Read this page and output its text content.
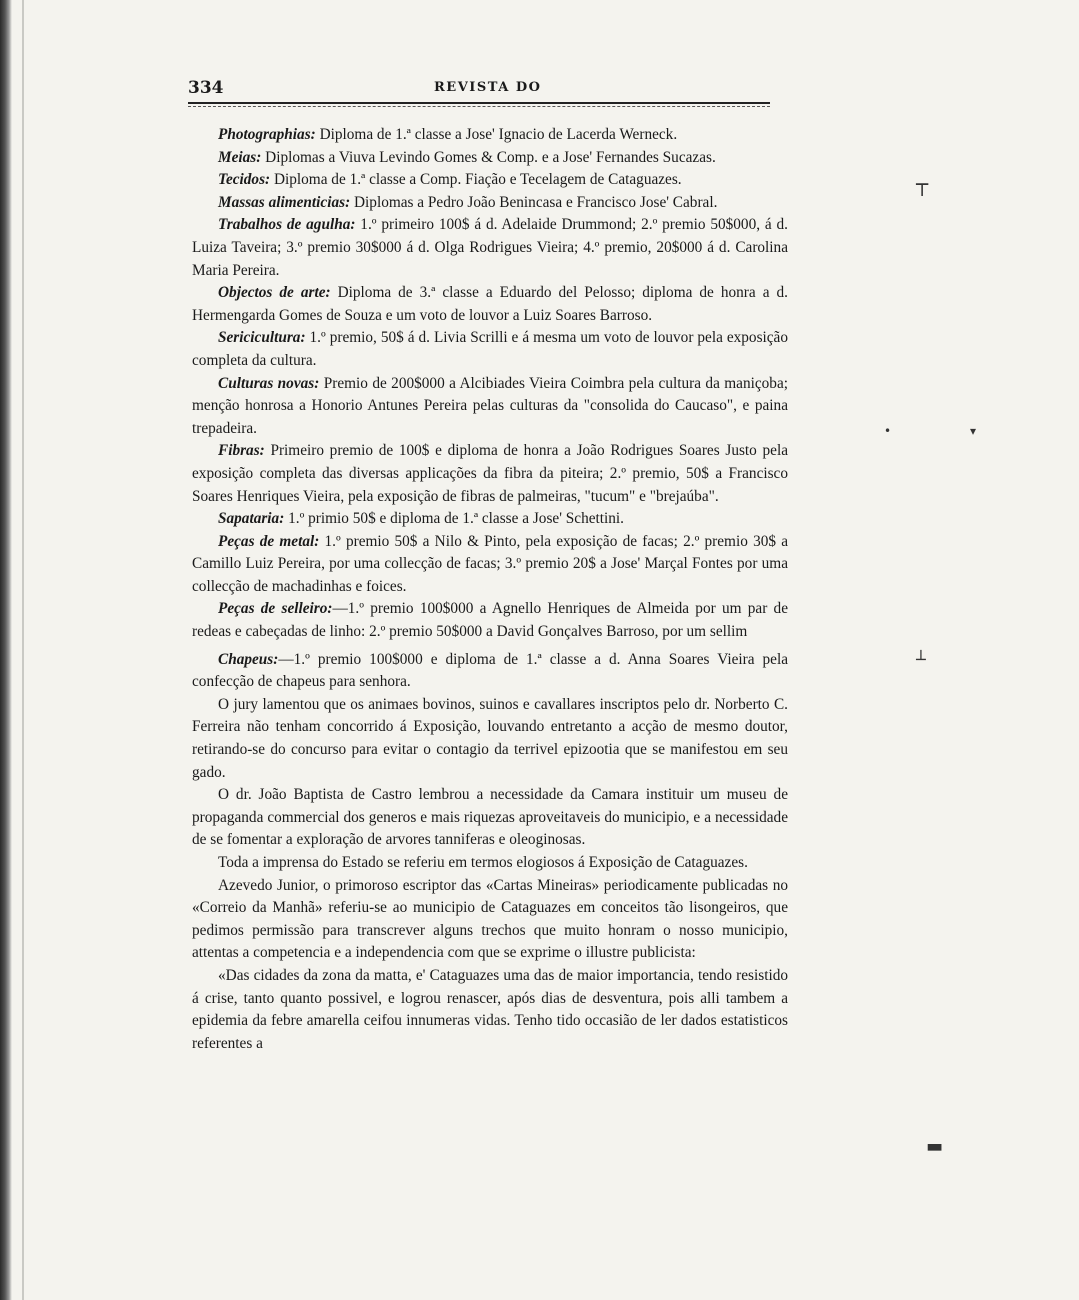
334	REVISTA DO

Photographias: Diploma de 1.ª classe a Jose' Ignacio de Lacerda Werneck.

Meias: Diplomas a Viuva Levindo Gomes & Comp. e a Jose' Fernandes Sucazas.

Tecidos: Diploma de 1.ª classe a Comp. Fiação e Tecelagem de Cataguazes.

Massas alimenticias: Diplomas a Pedro João Benincasa e Francisco Jose' Cabral.

Trabalhos de agulha: 1.º primeiro 100$ á d. Adelaide Drummond; 2.º premio 50$000, á d. Luiza Taveira; 3.º premio 30$000 á d. Olga Rodrigues Vieira; 4.º premio, 20$000 á d. Carolina Maria Pereira.

Objectos de arte: Diploma de 3.ª classe a Eduardo del Pelosso; diploma de honra a d. Hermengarda Gomes de Souza e um voto de louvor a Luiz Soares Barroso.

Sericicultura: 1.º premio, 50$ á d. Livia Scrilli e á mesma um voto de louvor pela exposição completa da cultura.

Culturas novas: Premio de 200$000 a Alcibiades Vieira Coimbra pela cultura da maniçoba; menção honrosa a Honorio Antunes Pereira pelas culturas da "consolida do Caucaso", e paina trepadeira.

Fibras: Primeiro premio de 100$ e diploma de honra a João Rodrigues Soares Justo pela exposição completa das diversas applicações da fibra da piteira; 2.º premio, 50$ a Francisco Soares Henriques Vieira, pela exposição de fibras de palmeiras, "tucum" e "brejaúba".

Sapataria: 1.º primio 50$ e diploma de 1.ª classe a Jose' Schettini.

Peças de metal: 1.º premio 50$ a Nilo & Pinto, pela exposição de facas; 2.º premio 30$ a Camillo Luiz Pereira, por uma collecção de facas; 3.º premio 20$ a Jose' Marçal Fontes por uma collecção de machadinhas e foices.

Peças de selleiro:—1.º premio 100$000 a Agnello Henriques de Almeida por um par de redeas e cabeçadas de linho: 2.º premio 50$000 a David Gonçalves Barroso, por um sellim

Chapeus:—1.º premio 100$000 e diploma de 1.ª classe a d. Anna Soares Vieira pela confecção de chapeus para senhora.

O jury lamentou que os animaes bovinos, suinos e cavallares inscriptos pelo dr. Norberto C. Ferreira não tenham concorrido á Exposição, louvando entretanto a acção de mesmo doutor, retirando-se do concurso para evitar o contagio da terrivel epizootia que se manifestou em seu gado.

O dr. João Baptista de Castro lembrou a necessidade da Camara instituir um museu de propaganda commercial dos generos e mais riquezas aproveitaveis do municipio, e a necessidade de se fomentar a exploração de arvores tanniferas e oleoginosas.

Toda a imprensa do Estado se referiu em termos elogiosos á Exposição de Cataguazes.

Azevedo Junior, o primoroso escriptor das «Cartas Mineiras» periodicamente publicadas no «Correio da Manhã» referiu-se ao municipio de Cataguazes em conceitos tão lisongeiros, que pedimos permissão para transcrever alguns trechos que muito honram o nosso municipio, attentas a competencia e a independencia com que se exprime o illustre publicista:

«Das cidades da zona da matta, e' Cataguazes uma das de maior importancia, tendo resistido á crise, tanto quanto possivel, e logrou renascer, após dias de desventura, pois alli tambem a epidemia da febre amarella ceifou innumeras vidas. Tenho tido occasião de ler dados estatisticos referentes a

┬
•	▾
┴
▬
